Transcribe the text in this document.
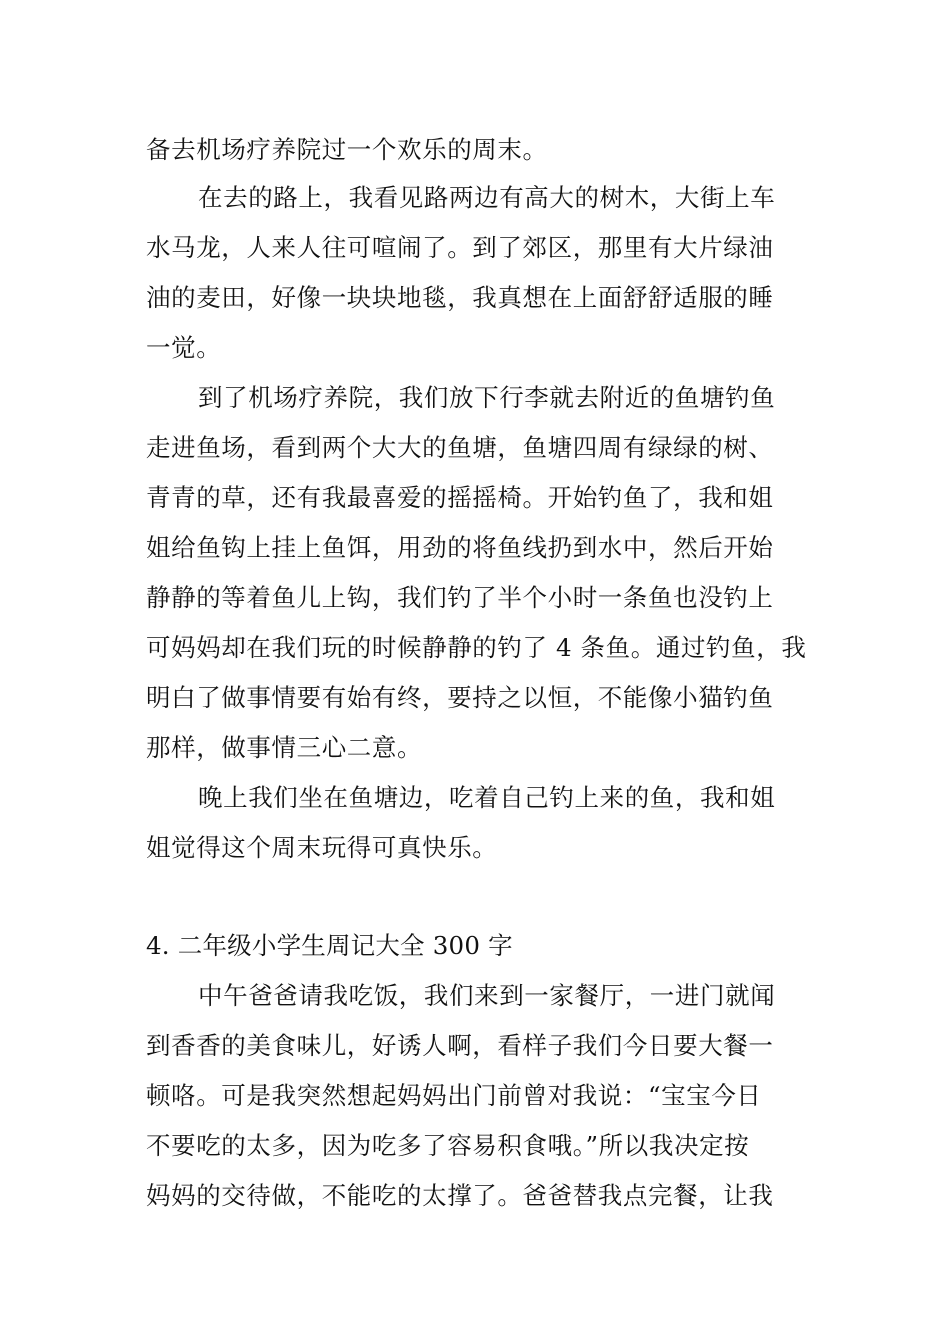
备去机场疗养院过一个欢乐的周末。
在去的路上，我看见路两边有高大的树木，大街上车
水马龙，人来人往可喧闹了。到了郊区，那里有大片绿油
油的麦田，好像一块块地毯，我真想在上面舒舒适服的睡
一觉。
到了机场疗养院，我们放下行李就去附近的鱼塘钓鱼
走进鱼场，看到两个大大的鱼塘，鱼塘四周有绿绿的树、
青青的草，还有我最喜爱的摇摇椅。开始钓鱼了，我和姐
姐给鱼钩上挂上鱼饵，用劲的将鱼线扔到水中，然后开始
静静的等着鱼儿上钩，我们钓了半个小时一条鱼也没钓上
可妈妈却在我们玩的时候静静的钓了 4 条鱼。通过钓鱼，我
明白了做事情要有始有终，要持之以恒，不能像小猫钓鱼
那样，做事情三心二意。
晚上我们坐在鱼塘边，吃着自己钓上来的鱼，我和姐
姐觉得这个周末玩得可真快乐。
4. 二年级小学生周记大全 300 字
中午爸爸请我吃饭，我们来到一家餐厅，一进门就闻
到香香的美食味儿，好诱人啊，看样子我们今日要大餐一
顿咯。可是我突然想起妈妈出门前曾对我说：“宝宝今日
不要吃的太多，因为吃多了容易积食哦。”所以我决定按
妈妈的交待做，不能吃的太撑了。爸爸替我点完餐，让我
